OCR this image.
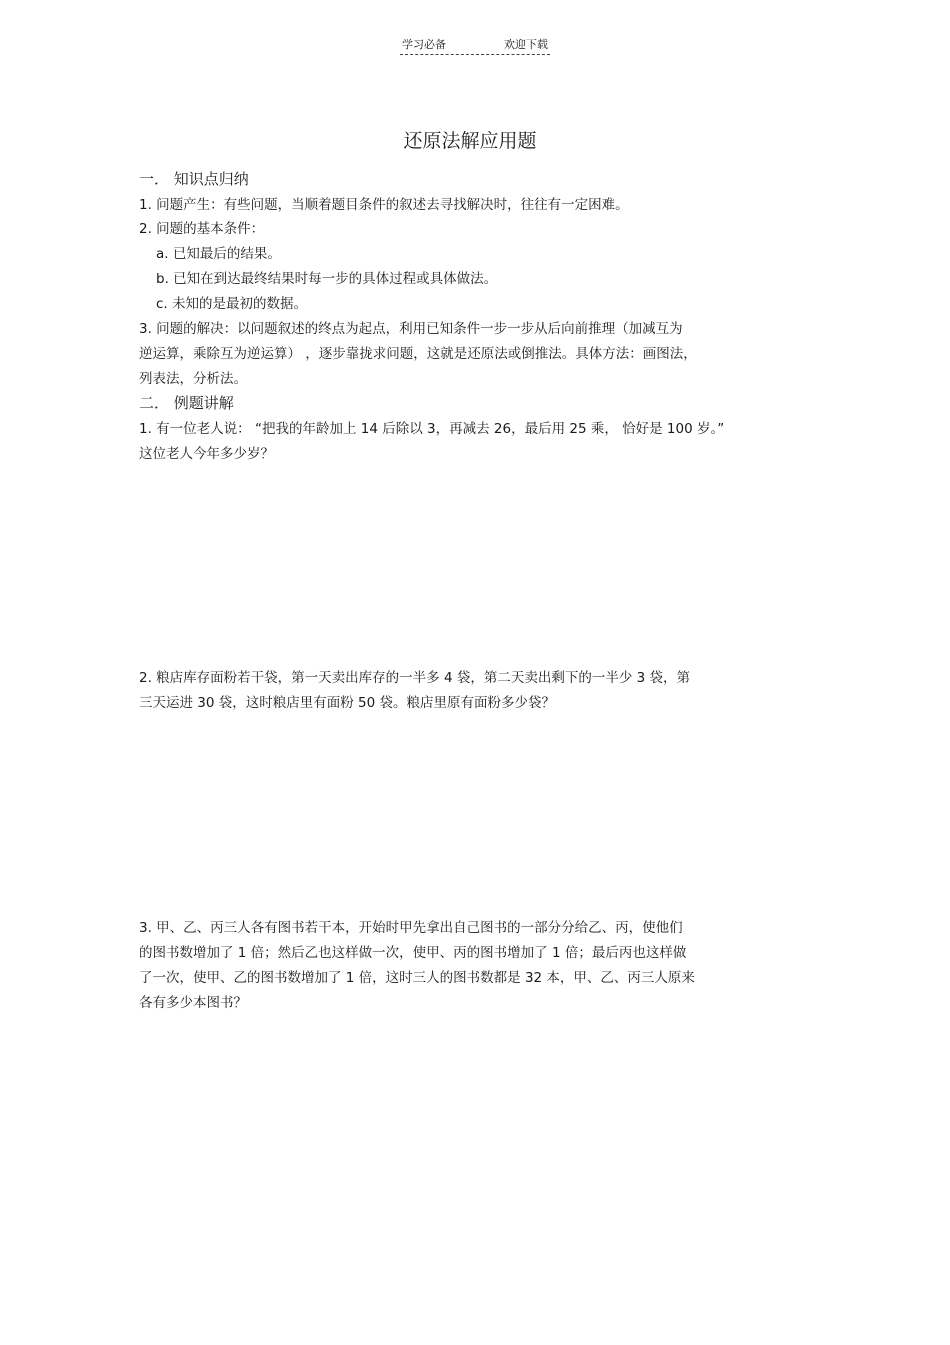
学习必备	欢迎下载
还原法解应用题
一． 知识点归纳
1. 问题产生：有些问题，当顺着题目条件的叙述去寻找解决时，往往有一定困难。
2. 问题的基本条件：
a. 已知最后的结果。
b. 已知在到达最终结果时每一步的具体过程或具体做法。
c. 未知的是最初的数据。
3. 问题的解决：以问题叙述的终点为起点，利用已知条件一步一步从后向前推理（加减互为
逆运算，乘除互为逆运算） ，逐步靠拢求问题，这就是还原法或倒推法。具体方法：画图法，
列表法，分析法。
二． 例题讲解
1. 有一位老人说： “把我的年龄加上 14 后除以 3，再减去 26，最后用 25 乘， 恰好是 100 岁。”
这位老人今年多少岁？
2. 粮店库存面粉若干袋，第一天卖出库存的一半多 4 袋，第二天卖出剩下的一半少 3 袋，第
三天运进 30 袋，这时粮店里有面粉 50 袋。粮店里原有面粉多少袋？
3. 甲、乙、丙三人各有图书若干本，开始时甲先拿出自己图书的一部分分给乙、丙，使他们
的图书数增加了 1 倍；然后乙也这样做一次，使甲、丙的图书增加了 1 倍；最后丙也这样做
了一次，使甲、乙的图书数增加了 1 倍，这时三人的图书数都是 32 本，甲、乙、丙三人原来
各有多少本图书？
